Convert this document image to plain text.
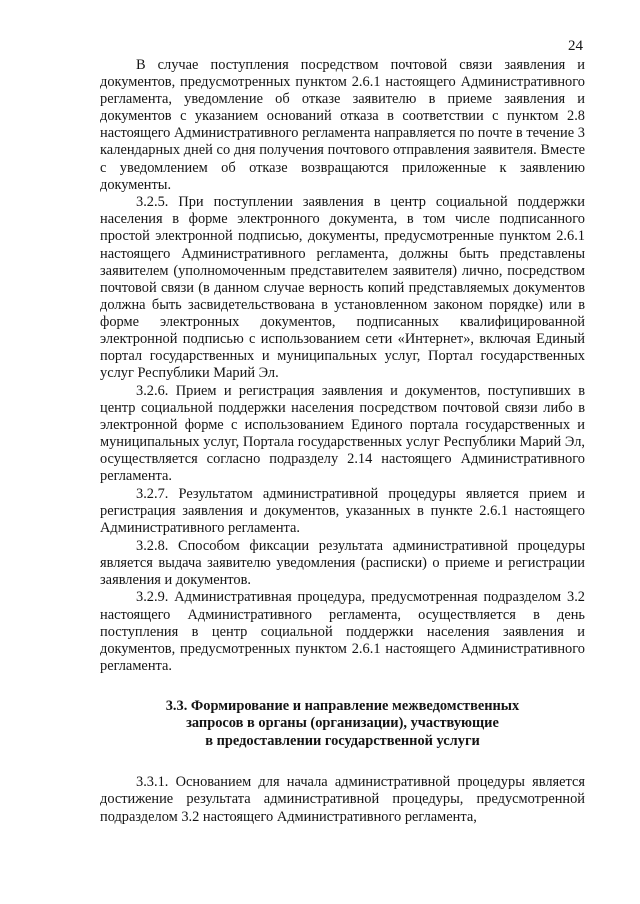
24

В случае поступления посредством почтовой связи заявления и документов, предусмотренных пунктом 2.6.1 настоящего Административного регламента, уведомление об отказе заявителю в приеме заявления и документов с указанием оснований отказа в соответствии с пунктом 2.8 настоящего Административного регламента направляется по почте в течение 3 календарных дней со дня получения почтового отправления заявителя. Вместе с уведомлением об отказе возвращаются приложенные к заявлению документы.

3.2.5. При поступлении заявления в центр социальной поддержки населения в форме электронного документа, в том числе подписанного простой электронной подписью, документы, предусмотренные пунктом 2.6.1 настоящего Административного регламента, должны быть представлены заявителем (уполномоченным представителем заявителя) лично, посредством почтовой связи (в данном случае верность копий представляемых документов должна быть засвидетельствована в установленном законом порядке) или в форме электронных документов, подписанных квалифицированной электронной подписью с использованием сети «Интернет», включая Единый портал государственных и муниципальных услуг, Портал государственных услуг Республики Марий Эл.

3.2.6. Прием и регистрация заявления и документов, поступивших в центр социальной поддержки населения посредством почтовой связи либо в электронной форме с использованием Единого портала государственных и муниципальных услуг, Портала государственных услуг Республики Марий Эл, осуществляется согласно подразделу 2.14 настоящего Административного регламента.

3.2.7. Результатом административной процедуры является прием и регистрация заявления и документов, указанных в пункте 2.6.1 настоящего Административного регламента.

3.2.8. Способом фиксации результата административной процедуры является выдача заявителю уведомления (расписки) о приеме и регистрации заявления и документов.

3.2.9. Административная процедура, предусмотренная подразделом 3.2 настоящего Административного регламента, осуществляется в день поступления в центр социальной поддержки населения заявления и документов, предусмотренных пунктом 2.6.1 настоящего Административного регламента.

3.3. Формирование и направление межведомственных
запросов в органы (организации), участвующие
в предоставлении государственной услуги

3.3.1. Основанием для начала административной процедуры является достижение результата административной процедуры, предусмотренной подразделом 3.2 настоящего Административного регламента,
